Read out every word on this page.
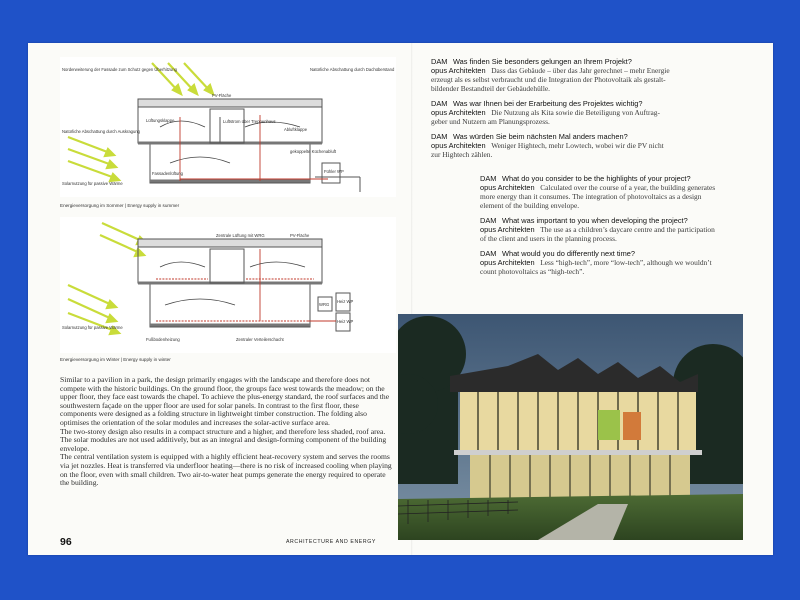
PV-Fläche
Norderweiterung der Fassade zum Schutz gegen Überhitzung	Natürliche Abschattung durch Dachüberstand
Lüftungsklappe	Luftstrom über Treppenhaus
Abluftklappe
gekoppelte Küchenabluft
Natürliche Abschattung durch Auskragung
Fassadenlüftung
Solarnutzung für passive Wärme
Fühler WP
Energieversorgung im Sommer | Energy supply in summer
PV-Fläche
Zentrale Lüftung mit WRG
Solarnutzung für passive Wärme
WRG
Heiz WP
Heiz WP
Fußbodenheizung	Zentraler Verteilerschacht
Energieversorgung im Winter | Energy supply in winter

Similar to a pavilion in a park, the design primarily engages with the landscape and therefore does not compete with the historic buildings. On the ground floor, the groups face west towards the meadow; on the upper floor, they face east towards the chapel. To achieve the plus-energy standard, the roof surfaces and the southwestern façade on the upper floor are used for solar panels. In contrast to the first floor, these components were designed as a folding structure in lightweight timber construction. The folding also optimises the orientation of the solar modules and increases the solar-active surface area.

The two-storey design also results in a compact structure and a higher, and therefore less shaded, roof area. The solar modules are not used additively, but as an integral and design-forming component of the building envelope.

The central ventilation system is equipped with a highly efficient heat-recovery system and serves the rooms via jet nozzles. Heat is transferred via underfloor heating—there is no risk of increased cooling when playing on the floor, even with small children. Two air-to-water heat pumps generate the energy required to operate the building.

96	ARCHITECTURE AND ENERGY
DAM Was finden Sie besonders gelungen an Ihrem Projekt?
opus Architekten Dass das Gebäude – über das Jahr gerechnet – mehr Energie
erzeugt als es selbst verbraucht und die Integration der Photovoltaik als gestalt-
bildender Bestandteil der Gebäudehülle.
DAM Was war Ihnen bei der Erarbeitung des Projektes wichtig?
opus Architekten Die Nutzung als Kita sowie die Beteiligung von Auftrag-
geber und Nutzern am Planungsprozess.
DAM Was würden Sie beim nächsten Mal anders machen?
opus Architekten Weniger Hightech, mehr Lowtech, wobei wir die PV nicht
zur Hightech zählen.
DAM What do you consider to be the highlights of your project?
opus Architekten Calculated over the course of a year, the building generates
more energy than it consumes. The integration of photovoltaics as a design
element of the building envelope.
DAM What was important to you when developing the project?
opus Architekten The use as a children’s daycare centre and the participation
of the client and users in the planning process.
DAM What would you do differently next time?
opus Architekten Less “high-tech”, more “low-tech”, although we wouldn’t
count photovoltaics as “high-tech”.
